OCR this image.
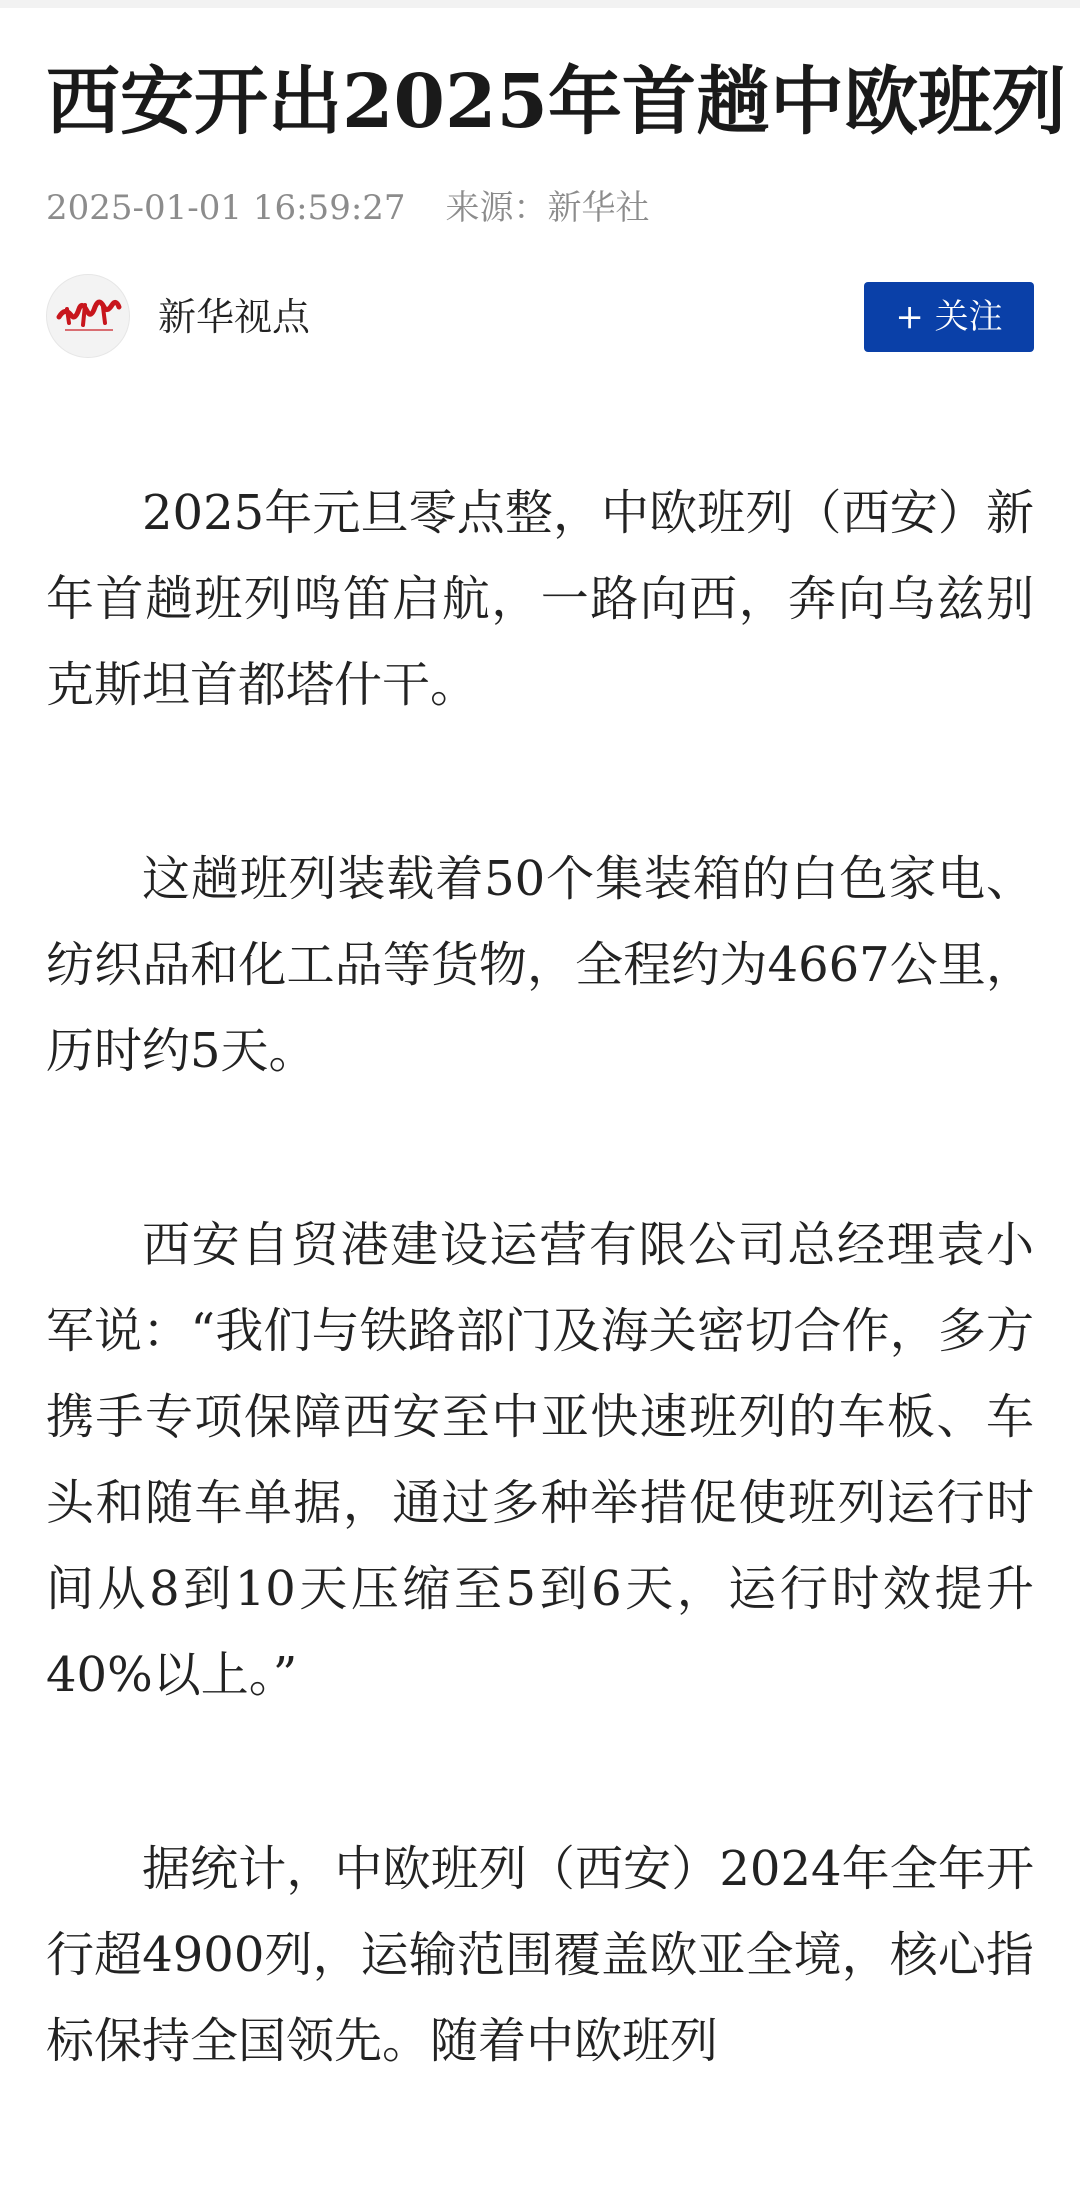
西安开出2025年首趟中欧班列
2025-01-01 16:59:27 来源：新华社
新华视点	+ 关注

2025年元旦零点整，中欧班列（西安）新年首趟班列鸣笛启航，一路向西，奔向乌兹别克斯坦首都塔什干。

这趟班列装载着50个集装箱的白色家电、纺织品和化工品等货物，全程约为4667公里，历时约5天。

西安自贸港建设运营有限公司总经理袁小军说：“我们与铁路部门及海关密切合作，多方携手专项保障西安至中亚快速班列的车板、车头和随车单据，通过多种举措促使班列运行时间从8到10天压缩至5到6天，运行时效提升40%以上。”

据统计，中欧班列（西安）2024年全年开行超4900列，运输范围覆盖欧亚全境，核心指标保持全国领先。随着中欧班列
